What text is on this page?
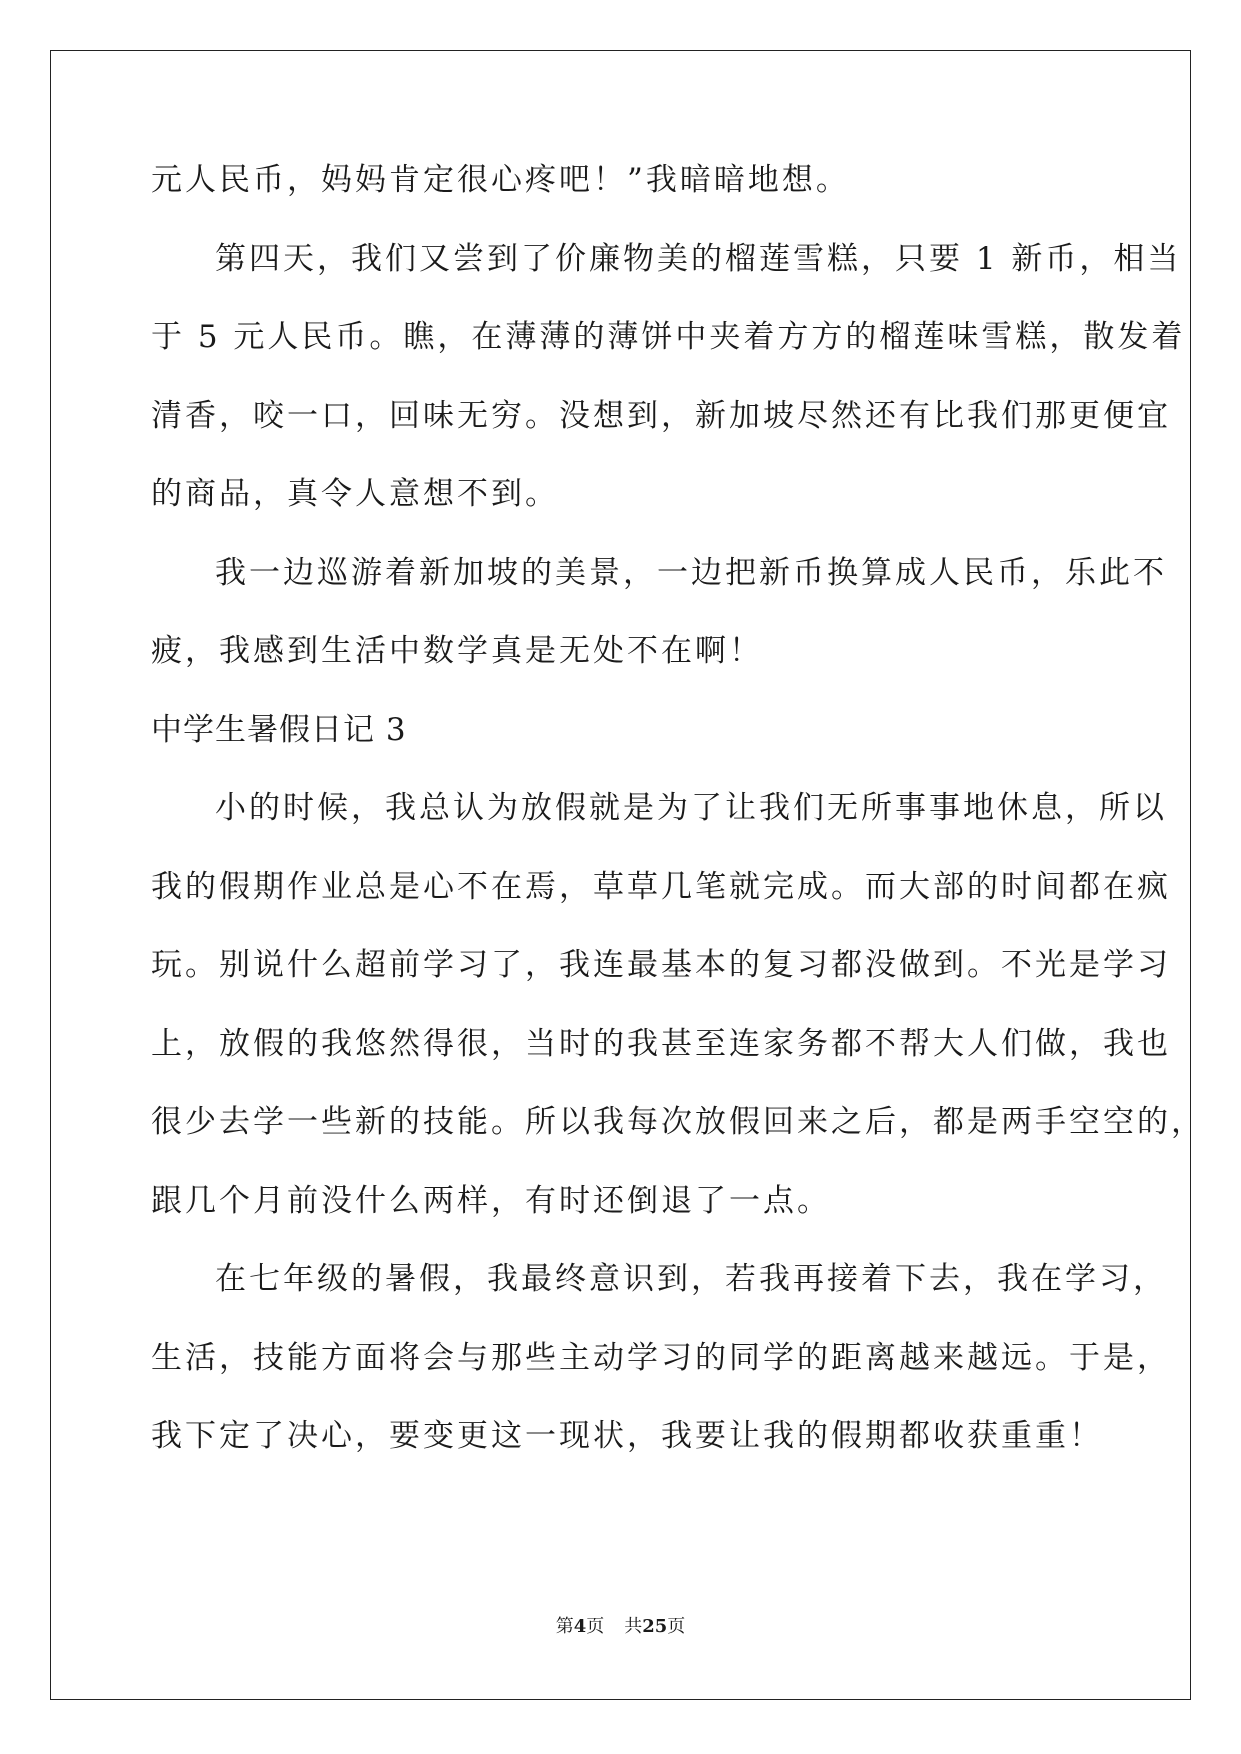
元人民币，妈妈肯定很心疼吧！”我暗暗地想。
第四天，我们又尝到了价廉物美的榴莲雪糕，只要 1 新币，相当
于 5 元人民币。瞧，在薄薄的薄饼中夹着方方的榴莲味雪糕，散发着
清香，咬一口，回味无穷。没想到，新加坡尽然还有比我们那更便宜
的商品，真令人意想不到。
我一边巡游着新加坡的美景，一边把新币换算成人民币，乐此不
疲，我感到生活中数学真是无处不在啊！
中学生暑假日记 3
小的时候，我总认为放假就是为了让我们无所事事地休息，所以
我的假期作业总是心不在焉，草草几笔就完成。而大部的时间都在疯
玩。别说什么超前学习了，我连最基本的复习都没做到。不光是学习
上，放假的我悠然得很，当时的我甚至连家务都不帮大人们做，我也
很少去学一些新的技能。所以我每次放假回来之后，都是两手空空的，
跟几个月前没什么两样，有时还倒退了一点。
在七年级的暑假，我最终意识到，若我再接着下去，我在学习，
生活，技能方面将会与那些主动学习的同学的距离越来越远。于是，
我下定了决心，要变更这一现状，我要让我的假期都收获重重！
第4页 共25页
